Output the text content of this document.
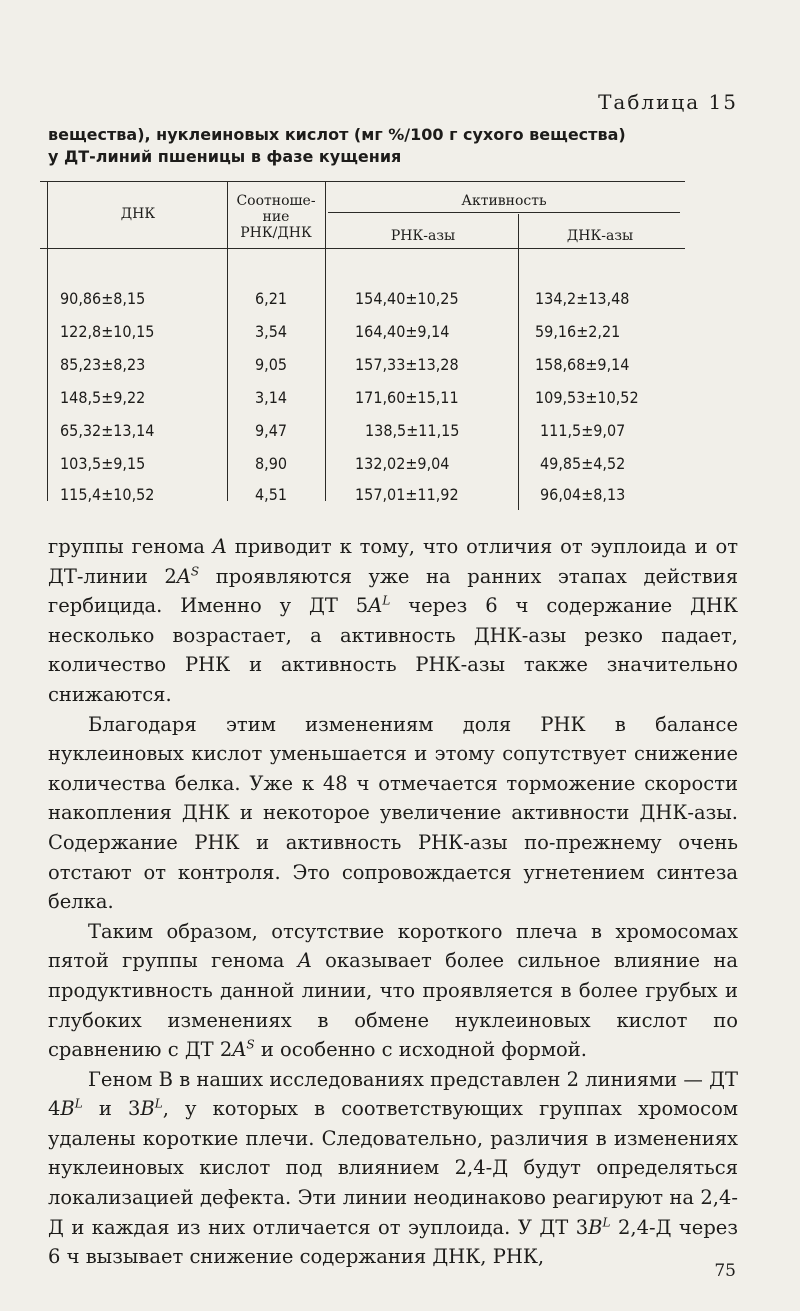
Таблица 15
вещества), нуклеиновых кислот (мг %/100 г сухого вещества)
у ДТ-линий пшеницы в фазе кущения
ДНК
Соотноше-
ние
РНК/ДНК
Активность
РНК-азы	ДНК-азы
90,86±8,15	6,21	154,40±10,25	134,2±13,48
122,8±10,15	3,54	164,40±9,14	59,16±2,21
85,23±8,23	9,05	157,33±13,28	158,68±9,14
148,5±9,22	3,14	171,60±15,11	109,53±10,52
65,32±13,14	9,47	138,5±11,15	111,5±9,07
103,5±9,15	8,90	132,02±9,04	49,85±4,52
115,4±10,52	4,51	157,01±11,92	96,04±8,13

группы генома A приводит к тому, что отличия от эуплоида и от ДТ-линии $2A^S$ проявляются уже на ранних этапах действия гербицида. Именно у ДТ $5A^L$ через 6 ч содержание ДНК несколько возрастает, а активность ДНК-азы резко падает, количество РНК и активность РНК-азы также значительно снижаются.

Благодаря этим изменениям доля РНК в балансе нуклеиновых кислот уменьшается и этому сопутствует снижение количества белка. Уже к 48 ч отмечается торможение скорости накопления ДНК и некоторое увеличение активности ДНК-азы. Содержание РНК и активность РНК-азы по-прежнему очень отстают от контроля. Это сопровождается угнетением синтеза белка.

Таким образом, отсутствие короткого плеча в хромосомах пятой группы генома A оказывает более сильное влияние на продуктивность данной линии, что проявляется в более грубых и глубоких изменениях в обмене нуклеиновых кислот по сравнению с ДТ $2A^S$ и особенно с исходной формой.

Геном В в наших исследованиях представлен 2 линиями — ДТ $4B^L$ и $3B^L$, у которых в соответствующих группах хромосом удалены короткие плечи. Следовательно, различия в изменениях нуклеиновых кислот под влиянием 2,4-Д будут определяться локализацией дефекта. Эти линии неодинаково реагируют на 2,4-Д и каждая из них отличается от эуплоида. У ДТ $3B^L$ 2,4-Д через 6 ч вызывает снижение содержания ДНК, РНК,

75
